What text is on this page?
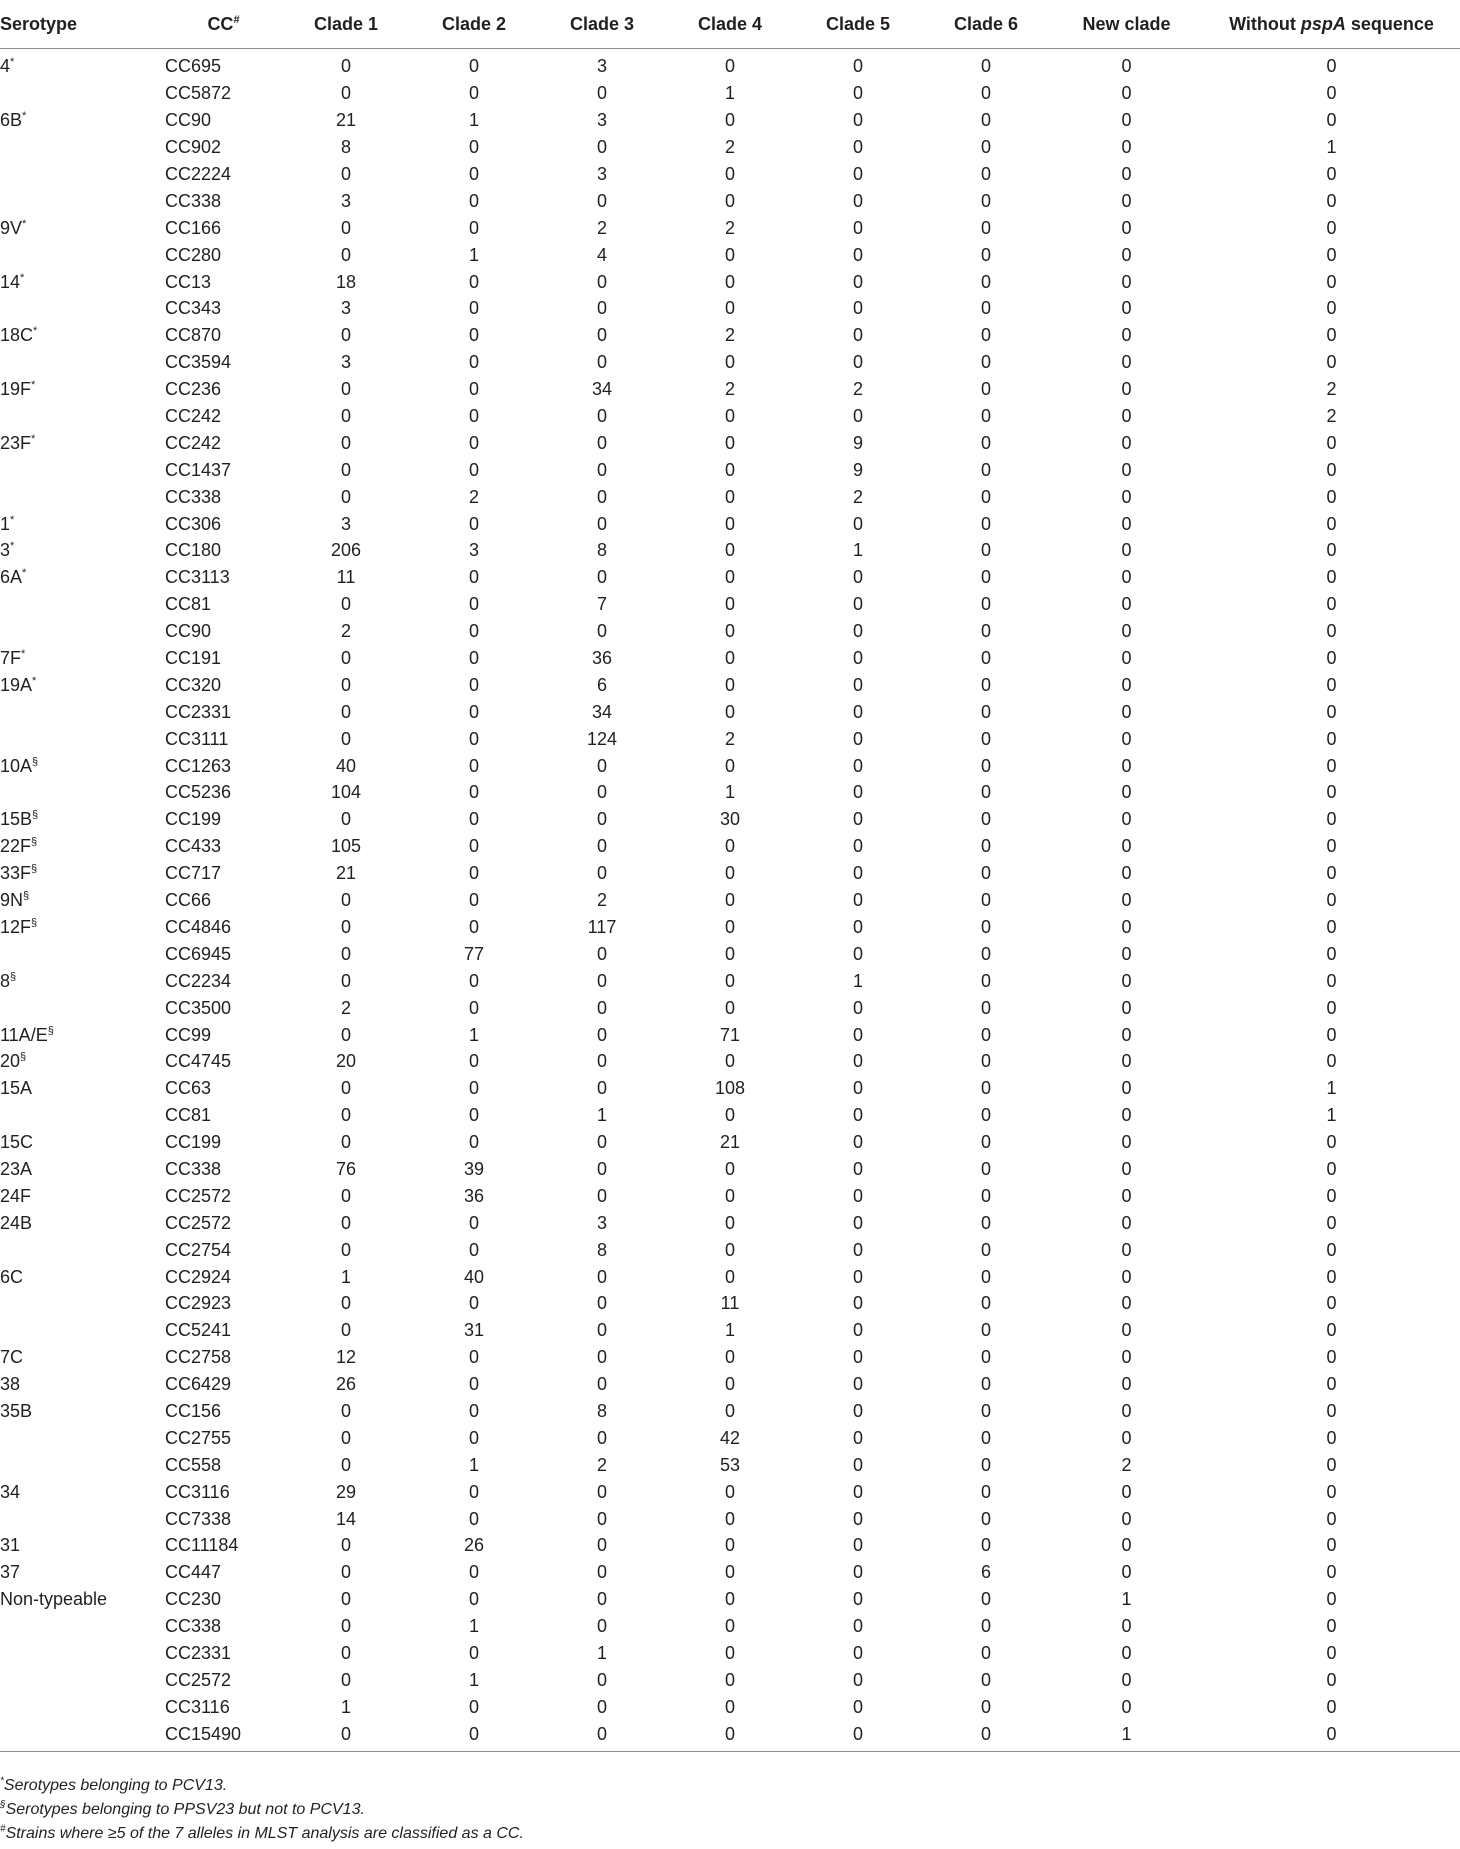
Serotype	CC#	Clade 1	Clade 2	Clade 3	Clade 4	Clade 5	Clade 6	New clade	Without pspA sequence
4*	CC695	0	0	3	0	0	0	0	0
	CC5872	0	0	0	1	0	0	0	0
6B*	CC90	21	1	3	0	0	0	0	0
	CC902	8	0	0	2	0	0	0	1
	CC2224	0	0	3	0	0	0	0	0
	CC338	3	0	0	0	0	0	0	0
9V*	CC166	0	0	2	2	0	0	0	0
	CC280	0	1	4	0	0	0	0	0
14*	CC13	18	0	0	0	0	0	0	0
	CC343	3	0	0	0	0	0	0	0
18C*	CC870	0	0	0	2	0	0	0	0
	CC3594	3	0	0	0	0	0	0	0
19F*	CC236	0	0	34	2	2	0	0	2
	CC242	0	0	0	0	0	0	0	2
23F*	CC242	0	0	0	0	9	0	0	0
	CC1437	0	0	0	0	9	0	0	0
	CC338	0	2	0	0	2	0	0	0
1*	CC306	3	0	0	0	0	0	0	0
3*	CC180	206	3	8	0	1	0	0	0
6A*	CC3113	11	0	0	0	0	0	0	0
	CC81	0	0	7	0	0	0	0	0
	CC90	2	0	0	0	0	0	0	0
7F*	CC191	0	0	36	0	0	0	0	0
19A*	CC320	0	0	6	0	0	0	0	0
	CC2331	0	0	34	0	0	0	0	0
	CC3111	0	0	124	2	0	0	0	0
10A§	CC1263	40	0	0	0	0	0	0	0
	CC5236	104	0	0	1	0	0	0	0
15B§	CC199	0	0	0	30	0	0	0	0
22F§	CC433	105	0	0	0	0	0	0	0
33F§	CC717	21	0	0	0	0	0	0	0
9N§	CC66	0	0	2	0	0	0	0	0
12F§	CC4846	0	0	117	0	0	0	0	0
	CC6945	0	77	0	0	0	0	0	0
8§	CC2234	0	0	0	0	1	0	0	0
	CC3500	2	0	0	0	0	0	0	0
11A/E§	CC99	0	1	0	71	0	0	0	0
20§	CC4745	20	0	0	0	0	0	0	0
15A	CC63	0	0	0	108	0	0	0	1
	CC81	0	0	1	0	0	0	0	1
15C	CC199	0	0	0	21	0	0	0	0
23A	CC338	76	39	0	0	0	0	0	0
24F	CC2572	0	36	0	0	0	0	0	0
24B	CC2572	0	0	3	0	0	0	0	0
	CC2754	0	0	8	0	0	0	0	0
6C	CC2924	1	40	0	0	0	0	0	0
	CC2923	0	0	0	11	0	0	0	0
	CC5241	0	31	0	1	0	0	0	0
7C	CC2758	12	0	0	0	0	0	0	0
38	CC6429	26	0	0	0	0	0	0	0
35B	CC156	0	0	8	0	0	0	0	0
	CC2755	0	0	0	42	0	0	0	0
	CC558	0	1	2	53	0	0	2	0
34	CC3116	29	0	0	0	0	0	0	0
	CC7338	14	0	0	0	0	0	0	0
31	CC11184	0	26	0	0	0	0	0	0
37	CC447	0	0	0	0	0	6	0	0
Non-typeable	CC230	0	0	0	0	0	0	1	0
	CC338	0	1	0	0	0	0	0	0
	CC2331	0	0	1	0	0	0	0	0
	CC2572	0	1	0	0	0	0	0	0
	CC3116	1	0	0	0	0	0	0	0
	CC15490	0	0	0	0	0	0	1	0
*Serotypes belonging to PCV13.
§Serotypes belonging to PPSV23 but not to PCV13.
#Strains where ≥5 of the 7 alleles in MLST analysis are classified as a CC.
